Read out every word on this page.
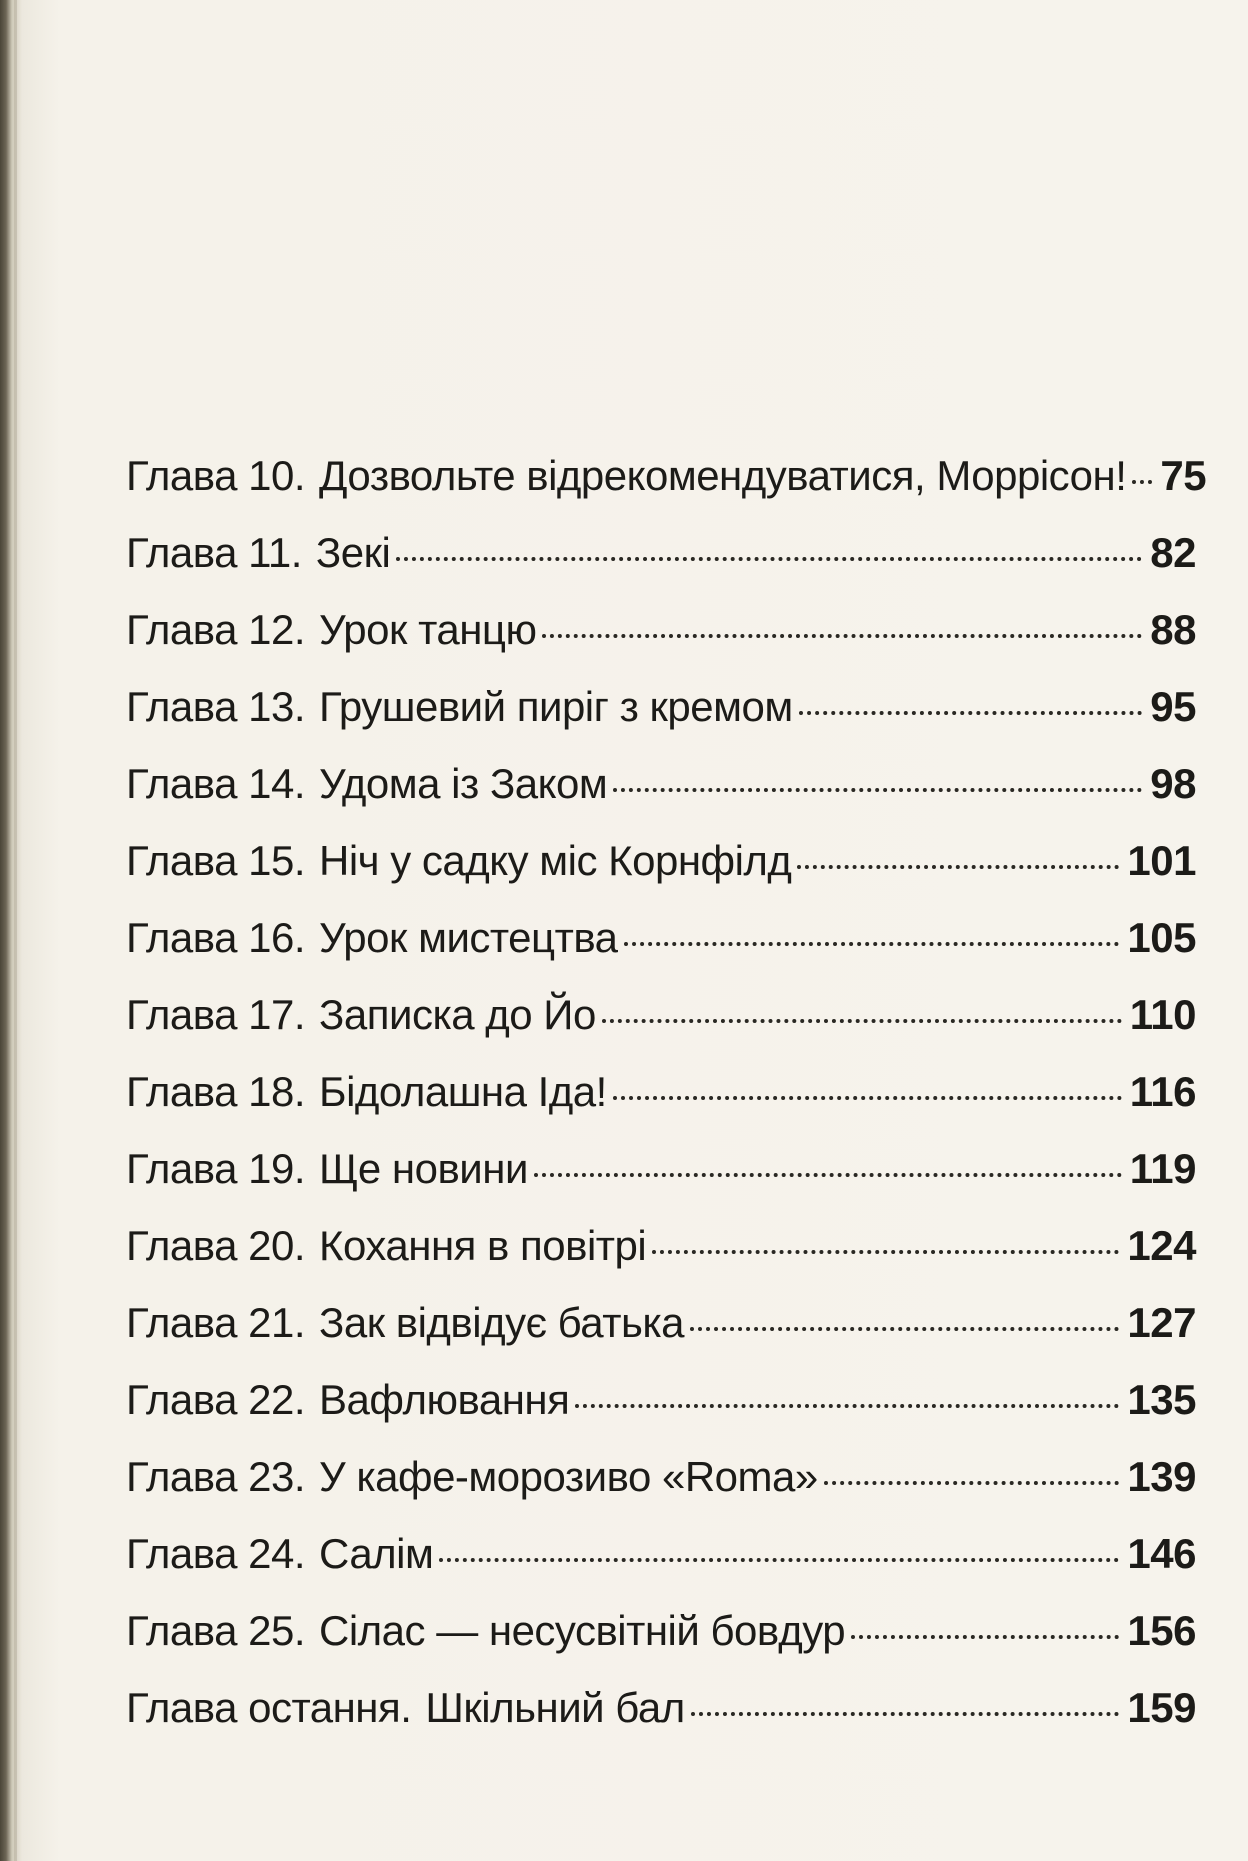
Глава 10. Дозвольте відрекомендуватися, Моррісон! 75
Глава 11. Зекі	82
Глава 12. Урок танцю	88
Глава 13. Грушевий пиріг з кремом	95
Глава 14. Удома із Заком	98
Глава 15. Ніч у садку міс Корнфілд	101
Глава 16. Урок мистецтва	105
Глава 17. Записка до Йо	110
Глава 18. Бідолашна Іда!	116
Глава 19. Ще новини	119
Глава 20. Кохання в повітрі	124
Глава 21. Зак відвідує батька	127
Глава 22. Вафлювання	135
Глава 23. У кафе-морозиво «Roma»	139
Глава 24. Салім	146
Глава 25. Сілас — несусвітній бовдур	156
Глава остання. Шкільний бал	159
